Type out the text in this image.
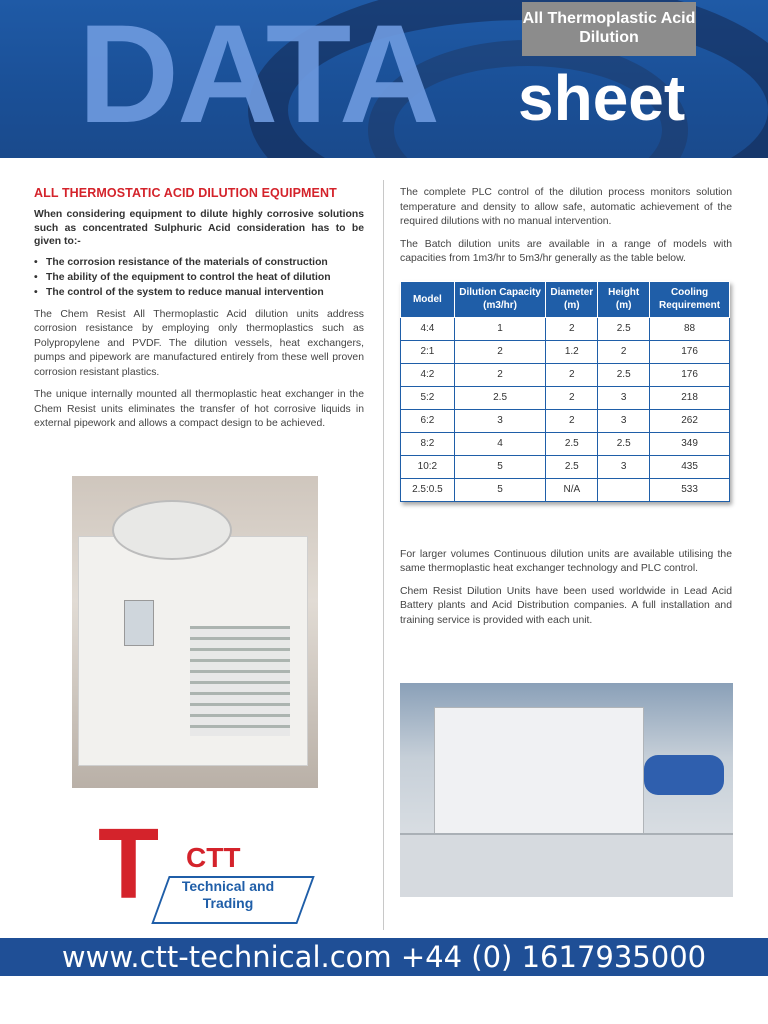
DATA sheet
All Thermoplastic Acid Dilution
ALL THERMOSTATIC ACID DILUTION EQUIPMENT

When considering equipment to dilute highly corrosive solutions such as concentrated Sulphuric Acid consideration has to be given to:-

• The corrosion resistance of the materials of construction
• The ability of the equipment to control the heat of dilution
• The control of the system to reduce manual intervention

The Chem Resist All Thermoplastic Acid dilution units address corrosion resistance by employing only thermoplastics such as Polypropylene and PVDF. The dilution vessels, heat exchangers, pumps and pipework are manufactured entirely from these well proven corrosion resistant plastics.

The unique internally mounted all thermoplastic heat exchanger in the Chem Resist units eliminates the transfer of hot corrosive liquids in external pipework and allows a compact design to be achieved.

The complete PLC control of the dilution process monitors solution temperature and density to allow safe, automatic achievement of the required dilutions with no manual intervention.

The Batch dilution units are available in a range of models with capacities from 1m3/hr to 5m3/hr generally as the table below.

Model	Dilution Capacity (m3/hr)	Diameter (m)	Height (m)	Cooling Requirement
4:4	1	2	2.5	88
2:1	2	1.2	2	176
4:2	2	2	2.5	176
5:2	2.5	2	3	218
6:2	3	2	3	262
8:2	4	2.5	2.5	349
10:2	5	2.5	3	435
2.5:0.5	5	N/A		533

For larger volumes Continuous dilution units are available utilising the same thermoplastic heat exchanger technology and PLC control.

Chem Resist Dilution Units have been used worldwide in Lead Acid Battery plants and Acid Distribution companies. A full installation and training service is provided with each unit.

T CTT
Technical and Trading
www.ctt-technical.com +44 (0) 1617935000
